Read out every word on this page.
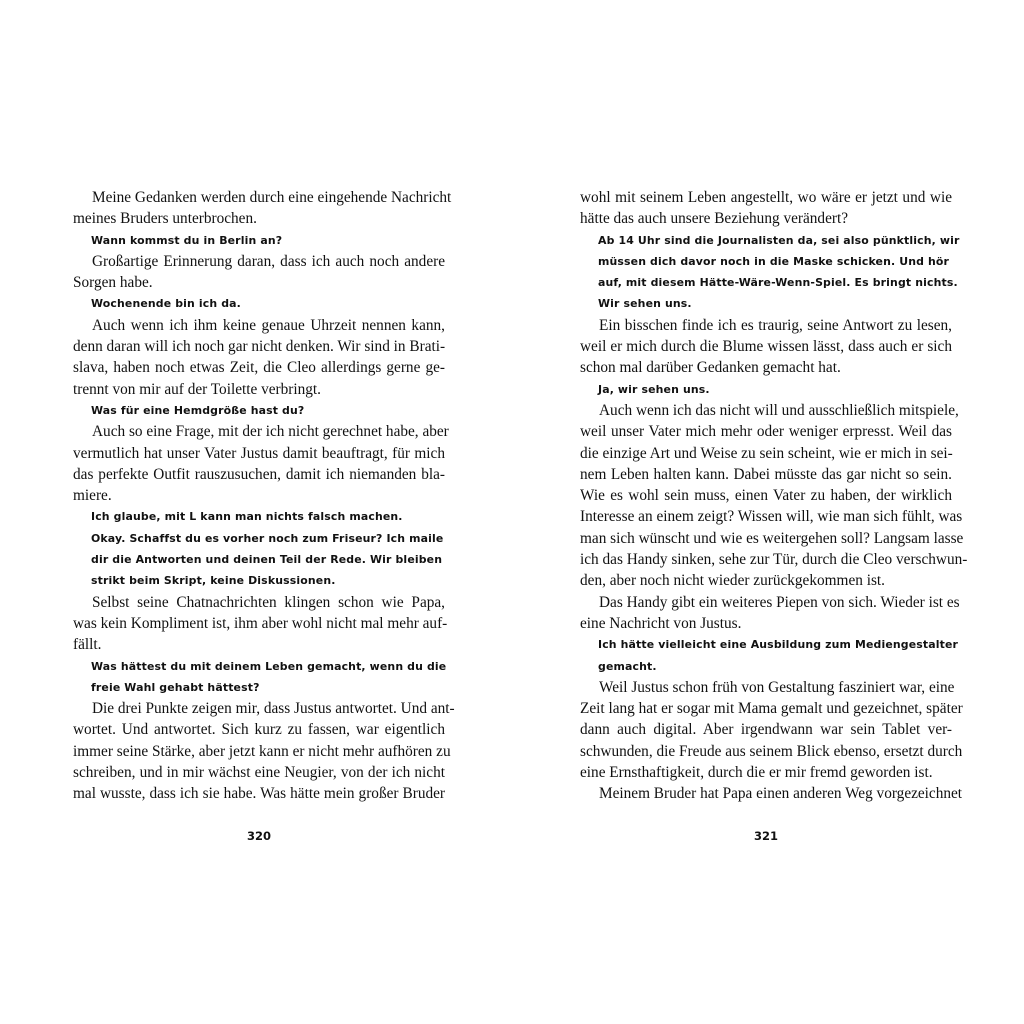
Meine Gedanken werden durch eine eingehende Nachricht
meines Bruders unterbrochen.
Wann kommst du in Berlin an?
Großartige Erinnerung daran, dass ich auch noch andere
Sorgen habe.
Wochenende bin ich da.
Auch wenn ich ihm keine genaue Uhrzeit nennen kann,
denn daran will ich noch gar nicht denken. Wir sind in Brati-
slava, haben noch etwas Zeit, die Cleo allerdings gerne ge-
trennt von mir auf der Toilette verbringt.
Was für eine Hemdgröße hast du?
Auch so eine Frage, mit der ich nicht gerechnet habe, aber
vermutlich hat unser Vater Justus damit beauftragt, für mich
das perfekte Outfit rauszusuchen, damit ich niemanden bla-
miere.
Ich glaube, mit L kann man nichts falsch machen.
Okay. Schaffst du es vorher noch zum Friseur? Ich maile
dir die Antworten und deinen Teil der Rede. Wir bleiben
strikt beim Skript, keine Diskussionen.
Selbst seine Chatnachrichten klingen schon wie Papa,
was kein Kompliment ist, ihm aber wohl nicht mal mehr auf-
fällt.
Was hättest du mit deinem Leben gemacht, wenn du die
freie Wahl gehabt hättest?
Die drei Punkte zeigen mir, dass Justus antwortet. Und ant-
wortet. Und antwortet. Sich kurz zu fassen, war eigentlich
immer seine Stärke, aber jetzt kann er nicht mehr aufhören zu
schreiben, und in mir wächst eine Neugier, von der ich nicht
mal wusste, dass ich sie habe. Was hätte mein großer Bruder
320
wohl mit seinem Leben angestellt, wo wäre er jetzt und wie
hätte das auch unsere Beziehung verändert?
Ab 14 Uhr sind die Journalisten da, sei also pünktlich, wir
müssen dich davor noch in die Maske schicken. Und hör
auf, mit diesem Hätte-Wäre-Wenn-Spiel. Es bringt nichts.
Wir sehen uns.
Ein bisschen finde ich es traurig, seine Antwort zu lesen,
weil er mich durch die Blume wissen lässt, dass auch er sich
schon mal darüber Gedanken gemacht hat.
Ja, wir sehen uns.
Auch wenn ich das nicht will und ausschließlich mitspiele,
weil unser Vater mich mehr oder weniger erpresst. Weil das
die einzige Art und Weise zu sein scheint, wie er mich in sei-
nem Leben halten kann. Dabei müsste das gar nicht so sein.
Wie es wohl sein muss, einen Vater zu haben, der wirklich
Interesse an einem zeigt? Wissen will, wie man sich fühlt, was
man sich wünscht und wie es weitergehen soll? Langsam lasse
ich das Handy sinken, sehe zur Tür, durch die Cleo verschwun-
den, aber noch nicht wieder zurückgekommen ist.
Das Handy gibt ein weiteres Piepen von sich. Wieder ist es
eine Nachricht von Justus.
Ich hätte vielleicht eine Ausbildung zum Mediengestalter
gemacht.
Weil Justus schon früh von Gestaltung fasziniert war, eine
Zeit lang hat er sogar mit Mama gemalt und gezeichnet, später
dann auch digital. Aber irgendwann war sein Tablet ver-
schwunden, die Freude aus seinem Blick ebenso, ersetzt durch
eine Ernsthaftigkeit, durch die er mir fremd geworden ist.
Meinem Bruder hat Papa einen anderen Weg vorgezeichnet
321
